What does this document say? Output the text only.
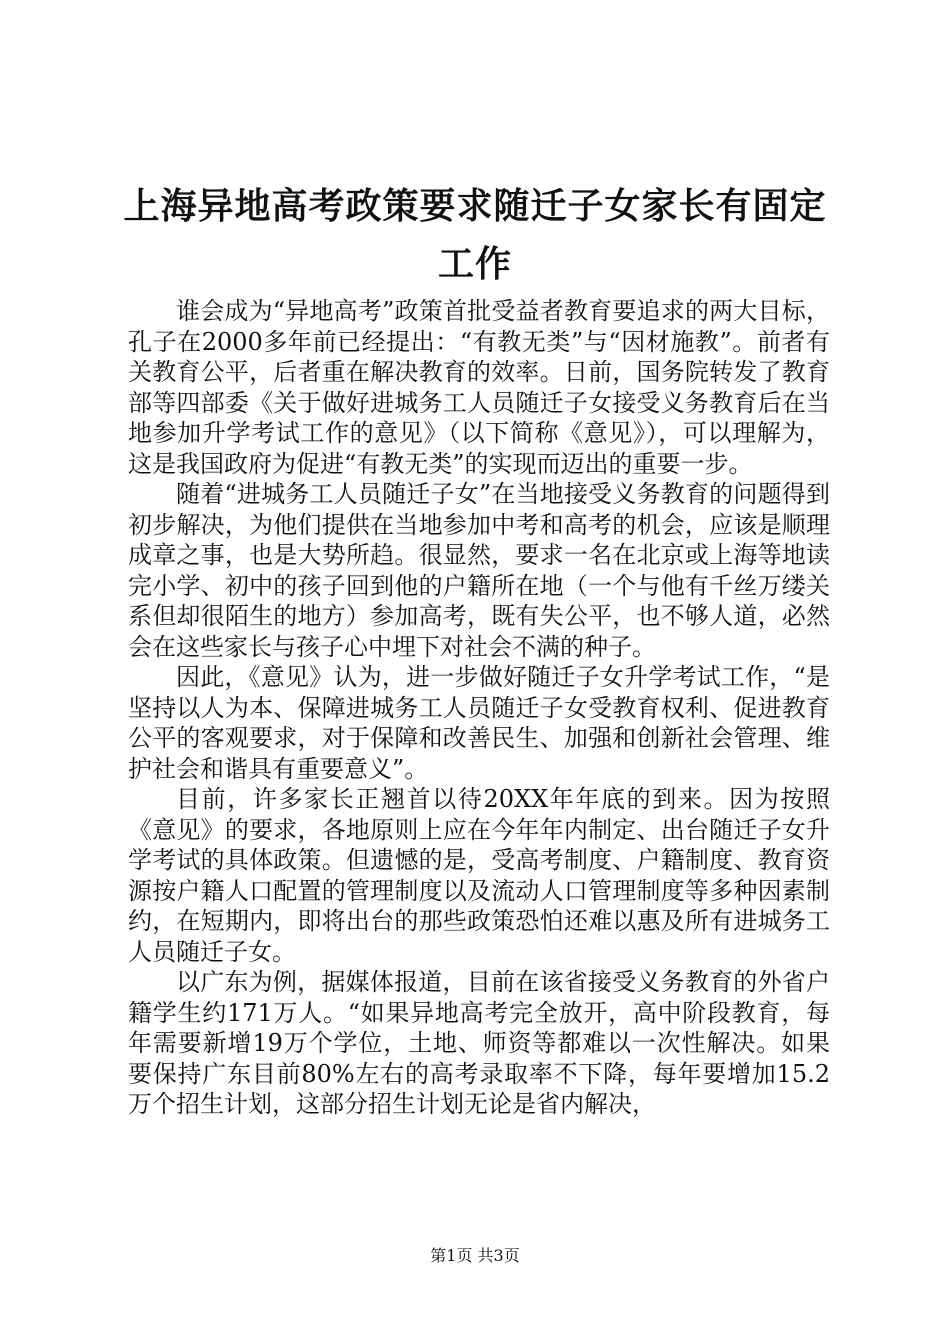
上海异地高考政策要求随迁子女家长有固定工作

谁会成为“异地高考”政策首批受益者教育要追求的两大目标，孔子在2000多年前已经提出：“有教无类”与“因材施教”。前者有关教育公平，后者重在解决教育的效率。日前，国务院转发了教育部等四部委《关于做好进城务工人员随迁子女接受义务教育后在当地参加升学考试工作的意见》（以下简称《意见》），可以理解为，这是我国政府为促进“有教无类”的实现而迈出的重要一步。

随着“进城务工人员随迁子女”在当地接受义务教育的问题得到初步解决，为他们提供在当地参加中考和高考的机会，应该是顺理成章之事，也是大势所趋。很显然，要求一名在北京或上海等地读完小学、初中的孩子回到他的户籍所在地（一个与他有千丝万缕关系但却很陌生的地方）参加高考，既有失公平，也不够人道，必然会在这些家长与孩子心中埋下对社会不满的种子。

因此，《意见》认为，进一步做好随迁子女升学考试工作，“是坚持以人为本、保障进城务工人员随迁子女受教育权利、促进教育公平的客观要求，对于保障和改善民生、加强和创新社会管理、维护社会和谐具有重要意义”。

目前，许多家长正翘首以待20XX年年底的到来。因为按照《意见》的要求，各地原则上应在今年年内制定、出台随迁子女升学考试的具体政策。但遗憾的是，受高考制度、户籍制度、教育资源按户籍人口配置的管理制度以及流动人口管理制度等多种因素制约，在短期内，即将出台的那些政策恐怕还难以惠及所有进城务工人员随迁子女。

以广东为例，据媒体报道，目前在该省接受义务教育的外省户籍学生约171万人。“如果异地高考完全放开，高中阶段教育，每年需要新增19万个学位，土地、师资等都难以一次性解决。如果要保持广东目前80%左右的高考录取率不下降，每年要增加15.2万个招生计划，这部分招生计划无论是省内解决，

第1页 共3页
